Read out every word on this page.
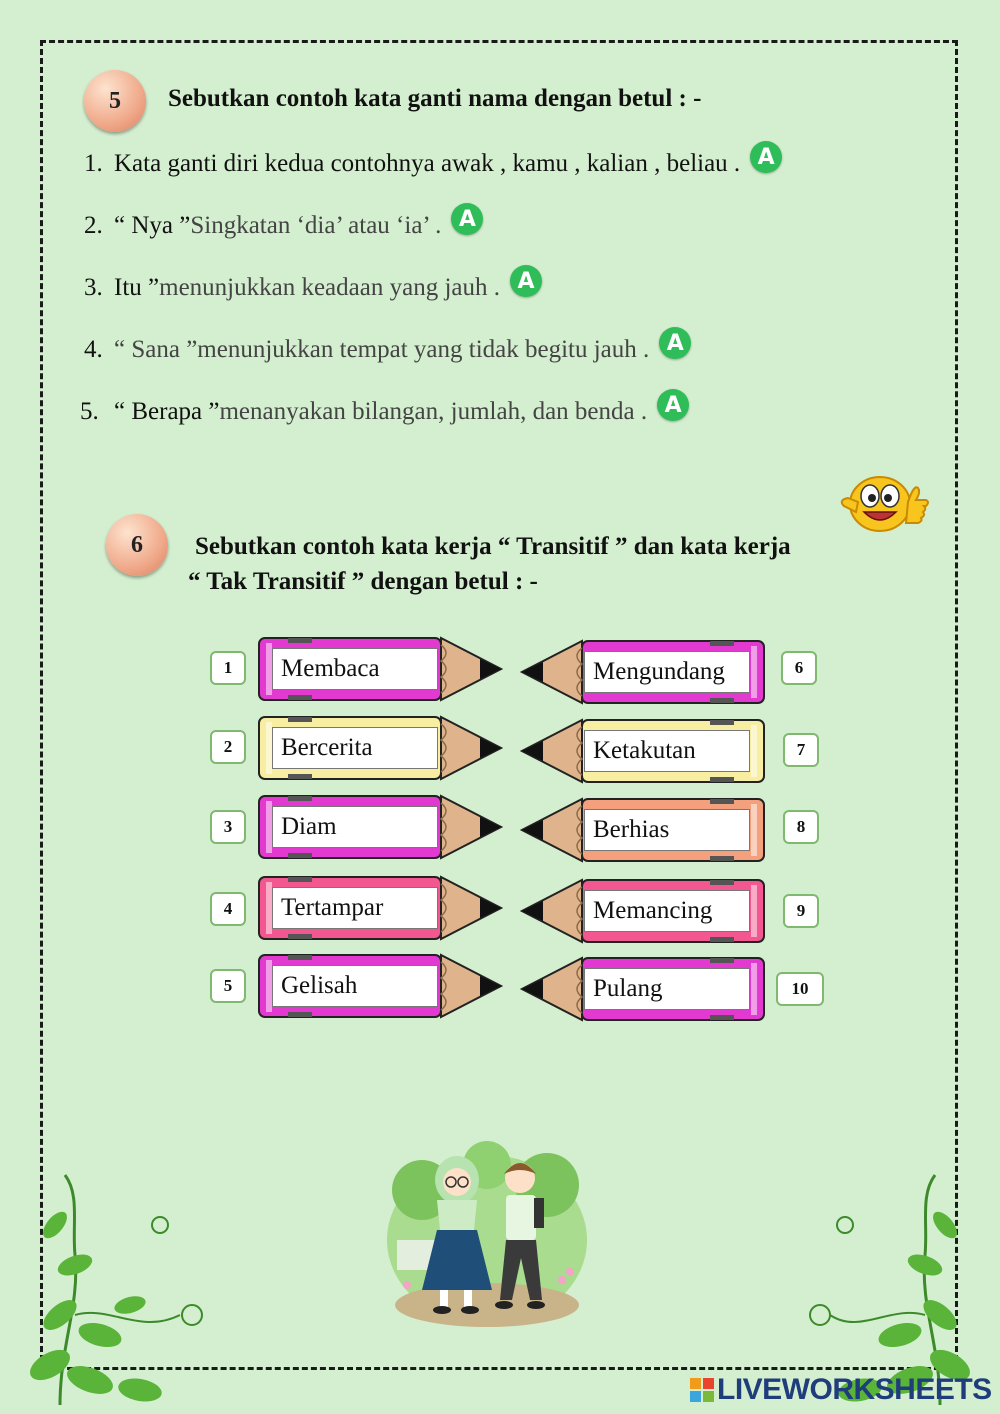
5 Sebutkan contoh kata ganti nama dengan betul : -
1. Kata ganti diri kedua contohnya awak , kamu , kalian , beliau . A
2. “ Nya ” Singkatan ‘dia’ atau ‘ia’ . A
3. Itu ” menunjukkan keadaan yang jauh . A
4. “ Sana ” menunjukkan tempat yang tidak begitu jauh . A
5. “ Berapa ” menanyakan bilangan, jumlah, dan benda . A
6 Sebutkan contoh kata kerja “ Transitif ” dan kata kerja
“ Tak Transitif ” dengan betul : -
1	Membaca	Mengundang	6
2	Bercerita	Ketakutan	7
3	Diam	Berhias	8
4	Tertampar	Memancing	9
5	Gelisah	Pulang	10
LIVEWORKSHEETS
